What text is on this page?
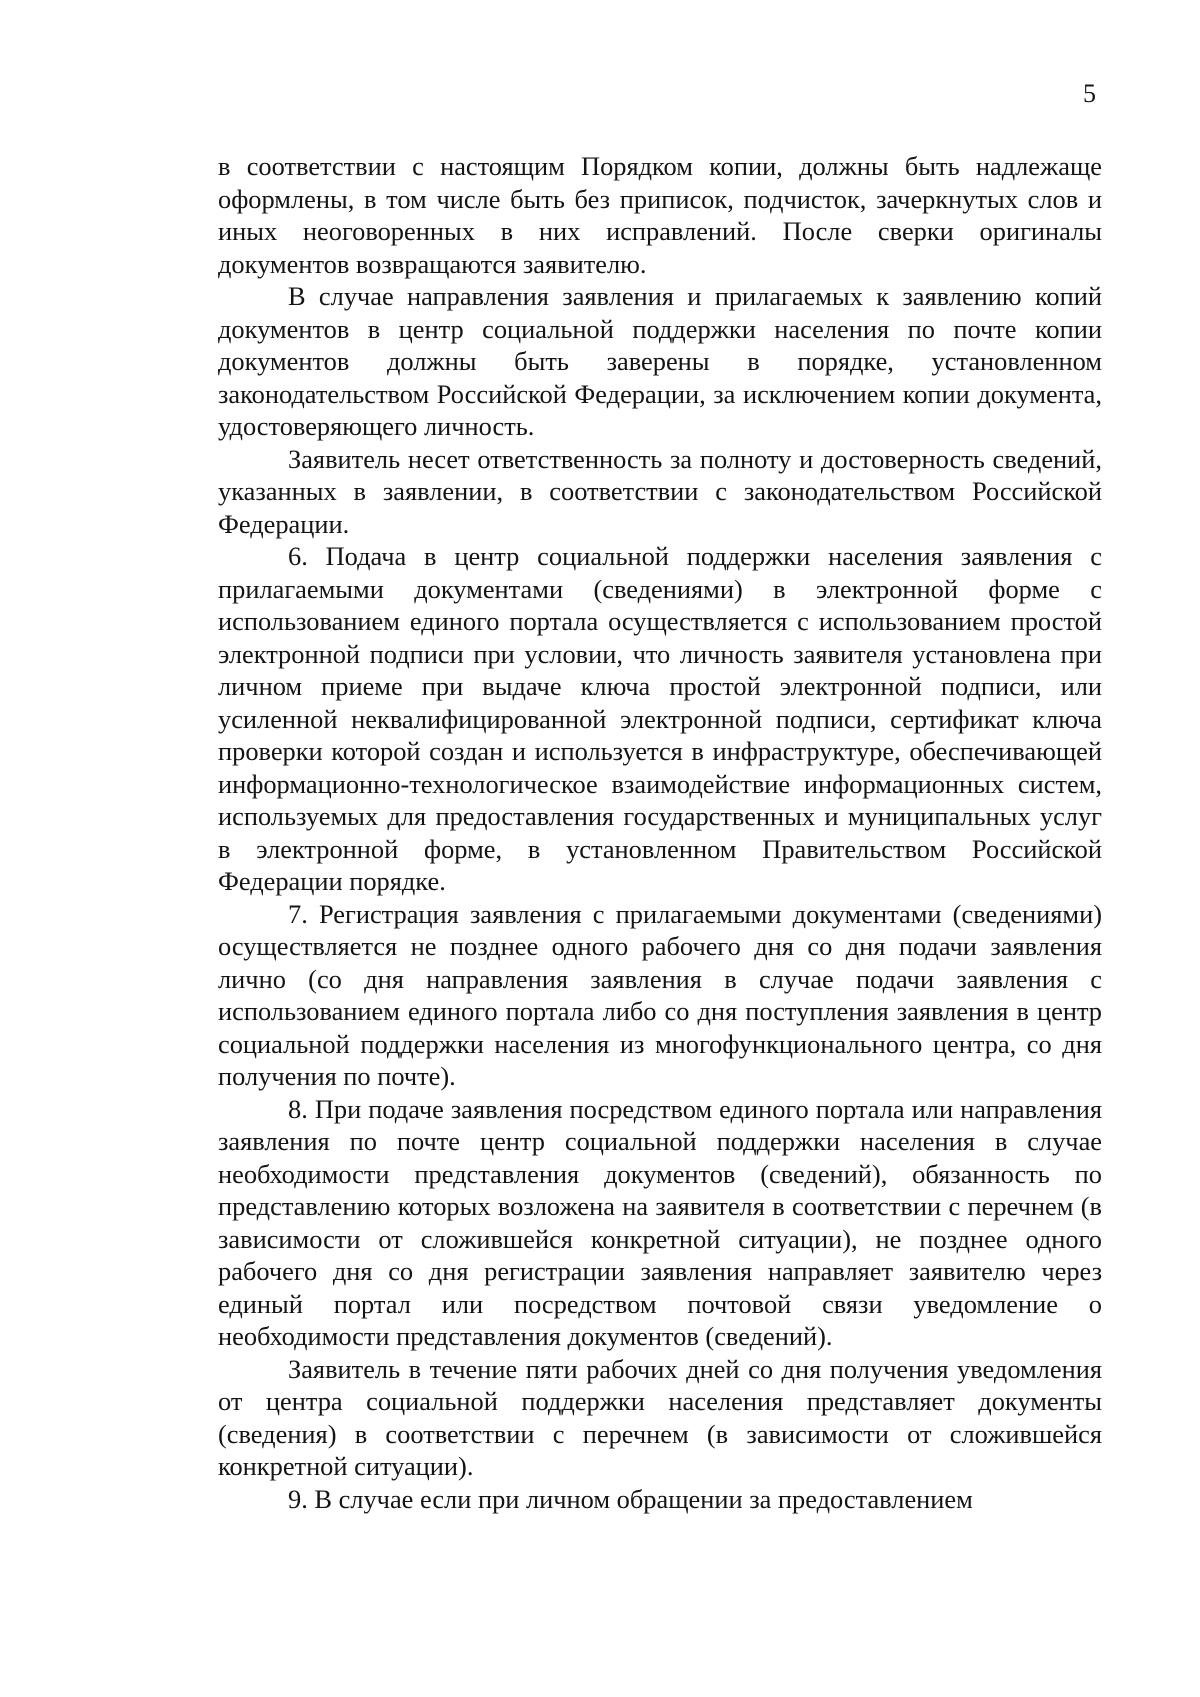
5

в соответствии с настоящим Порядком копии, должны быть надлежаще оформлены, в том числе быть без приписок, подчисток, зачеркнутых слов и иных неоговоренных в них исправлений. После сверки оригиналы документов возвращаются заявителю.

В случае направления заявления и прилагаемых к заявлению копий документов в центр социальной поддержки населения по почте копии документов должны быть заверены в порядке, установленном законодательством Российской Федерации, за исключением копии документа, удостоверяющего личность.

Заявитель несет ответственность за полноту и достоверность сведений, указанных в заявлении, в соответствии с законодательством Российской Федерации.

6. Подача в центр социальной поддержки населения заявления с прилагаемыми документами (сведениями) в электронной форме с использованием единого портала осуществляется с использованием простой электронной подписи при условии, что личность заявителя установлена при личном приеме при выдаче ключа простой электронной подписи, или усиленной неквалифицированной электронной подписи, сертификат ключа проверки которой создан и используется в инфраструктуре, обеспечивающей информационно-технологическое взаимодействие информационных систем, используемых для предоставления государственных и муниципальных услуг в электронной форме, в установленном Правительством Российской Федерации порядке.

7. Регистрация заявления с прилагаемыми документами (сведениями) осуществляется не позднее одного рабочего дня со дня подачи заявления лично (со дня направления заявления в случае подачи заявления с использованием единого портала либо со дня поступления заявления в центр социальной поддержки населения из многофункционального центра, со дня получения по почте).

8. При подаче заявления посредством единого портала или направления заявления по почте центр социальной поддержки населения в случае необходимости представления документов (сведений), обязанность по представлению которых возложена на заявителя в соответствии с перечнем (в зависимости от сложившейся конкретной ситуации), не позднее одного рабочего дня со дня регистрации заявления направляет заявителю через единый портал или посредством почтовой связи уведомление о необходимости представления документов (сведений).

Заявитель в течение пяти рабочих дней со дня получения уведомления от центра социальной поддержки населения представляет документы (сведения) в соответствии с перечнем (в зависимости от сложившейся конкретной ситуации).

9. В случае если при личном обращении за предоставлением
